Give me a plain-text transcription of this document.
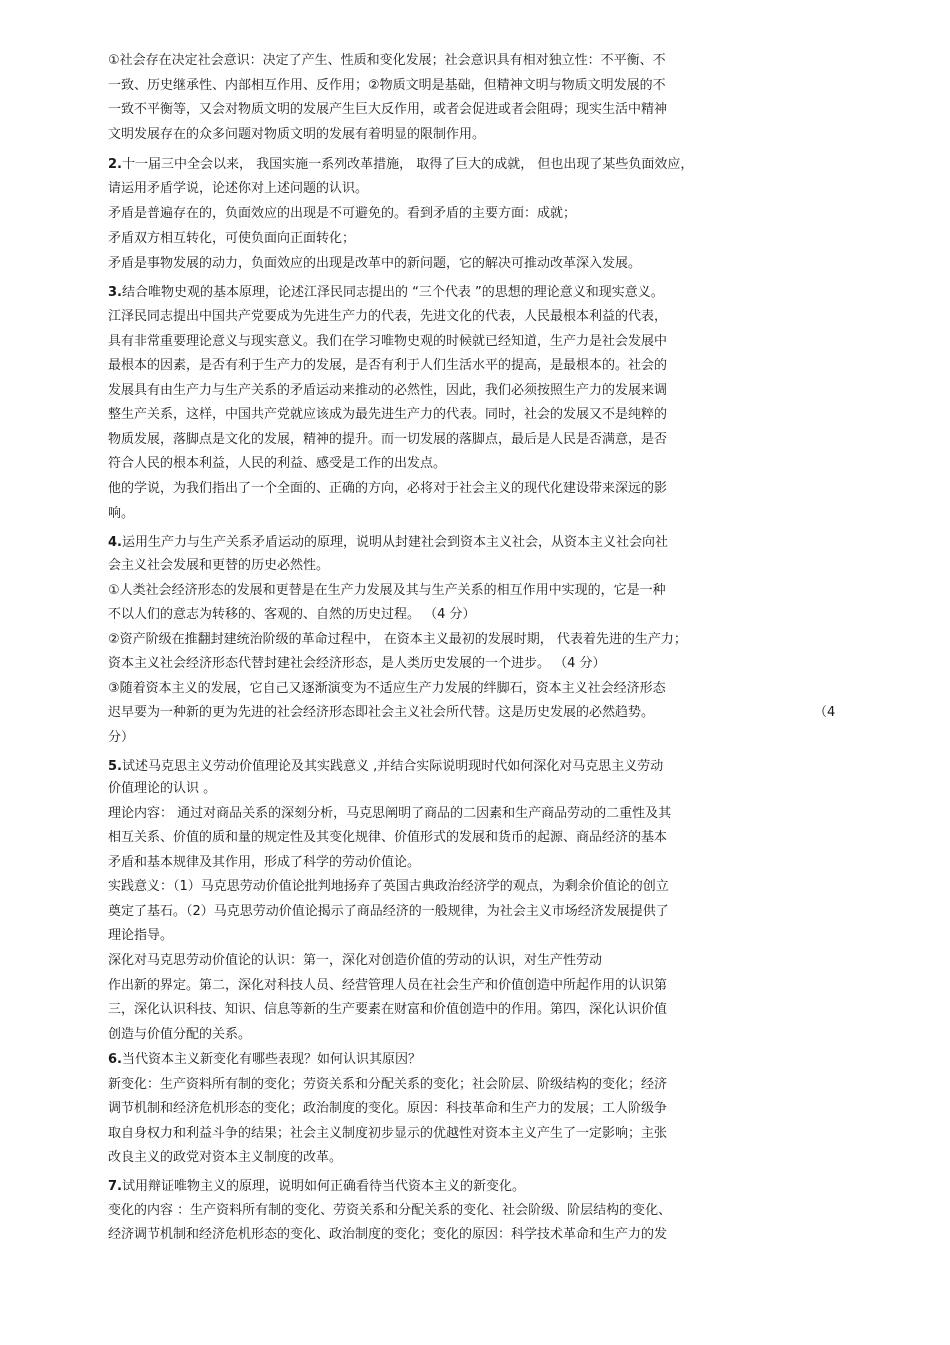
①社会存在决定社会意识：决定了产生、性质和变化发展；社会意识具有相对独立性：不平衡、不
一致、历史继承性、内部相互作用、反作用；②物质文明是基础，但精神文明与物质文明发展的不
一致不平衡等，又会对物质文明的发展产生巨大反作用，或者会促进或者会阻碍；现实生活中精神
文明发展存在的众多问题对物质文明的发展有着明显的限制作用。
2.十一届三中全会以来， 我国实施一系列改革措施， 取得了巨大的成就， 但也出现了某些负面效应，
请运用矛盾学说，论述你对上述问题的认识。
矛盾是普遍存在的，负面效应的出现是不可避免的。看到矛盾的主要方面：成就；
矛盾双方相互转化，可使负面向正面转化；
矛盾是事物发展的动力，负面效应的出现是改革中的新问题，它的解决可推动改革深入发展。
3.结合唯物史观的基本原理，论述江泽民同志提出的 “三个代表 ”的思想的理论意义和现实意义。
江泽民同志提出中国共产党要成为先进生产力的代表，先进文化的代表，人民最根本利益的代表，
具有非常重要理论意义与现实意义。我们在学习唯物史观的时候就已经知道，生产力是社会发展中
最根本的因素，是否有利于生产力的发展，是否有利于人们生活水平的提高，是最根本的。社会的
发展具有由生产力与生产关系的矛盾运动来推动的必然性，因此，我们必须按照生产力的发展来调
整生产关系，这样，中国共产党就应该成为最先进生产力的代表。同时，社会的发展又不是纯粹的
物质发展，落脚点是文化的发展，精神的提升。而一切发展的落脚点，最后是人民是否满意，是否
符合人民的根本利益，人民的利益、感受是工作的出发点。
他的学说，为我们指出了一个全面的、正确的方向，必将对于社会主义的现代化建设带来深远的影
响。
4.运用生产力与生产关系矛盾运动的原理，说明从封建社会到资本主义社会，从资本主义社会向社
会主义社会发展和更替的历史必然性。
①人类社会经济形态的发展和更替是在生产力发展及其与生产关系的相互作用中实现的，它是一种
不以人们的意志为转移的、客观的、自然的历史过程。 （4 分）
②资产阶级在推翻封建统治阶级的革命过程中， 在资本主义最初的发展时期， 代表着先进的生产力；
资本主义社会经济形态代替封建社会经济形态，是人类历史发展的一个进步。 （4 分）
③随着资本主义的发展，它自己又逐渐演变为不适应生产力发展的绊脚石，资本主义社会经济形态
迟早要为一种新的更为先进的社会经济形态即社会主义社会所代替。这是历史发展的必然趋势。	（4
分）
5.试述马克思主义劳动价值理论及其实践意义 ,并结合实际说明现时代如何深化对马克思主义劳动
价值理论的认识 。
理论内容： 通过对商品关系的深刻分析，马克思阐明了商品的二因素和生产商品劳动的二重性及其
相互关系、价值的质和量的规定性及其变化规律、价值形式的发展和货币的起源、商品经济的基本
矛盾和基本规律及其作用，形成了科学的劳动价值论。
实践意义：（1）马克思劳动价值论批判地扬弃了英国古典政治经济学的观点，为剩余价值论的创立
奠定了基石。（2）马克思劳动价值论揭示了商品经济的一般规律，为社会主义市场经济发展提供了
理论指导。
深化对马克思劳动价值论的认识：第一，深化对创造价值的劳动的认识，对生产性劳动
作出新的界定。第二，深化对科技人员、经营管理人员在社会生产和价值创造中所起作用的认识第
三，深化认识科技、知识、信息等新的生产要素在财富和价值创造中的作用。第四，深化认识价值
创造与价值分配的关系。
6.当代资本主义新变化有哪些表现？如何认识其原因？
新变化：生产资料所有制的变化；劳资关系和分配关系的变化；社会阶层、阶级结构的变化；经济
调节机制和经济危机形态的变化；政治制度的变化。原因：科技革命和生产力的发展；工人阶级争
取自身权力和利益斗争的结果；社会主义制度初步显示的优越性对资本主义产生了一定影响；主张
改良主义的政党对资本主义制度的改革。
7.试用辩证唯物主义的原理，说明如何正确看待当代资本主义的新变化。
变化的内容 ：生产资料所有制的变化、劳资关系和分配关系的变化、社会阶级、阶层结构的变化、
经济调节机制和经济危机形态的变化、政治制度的变化；变化的原因：科学技术革命和生产力的发
